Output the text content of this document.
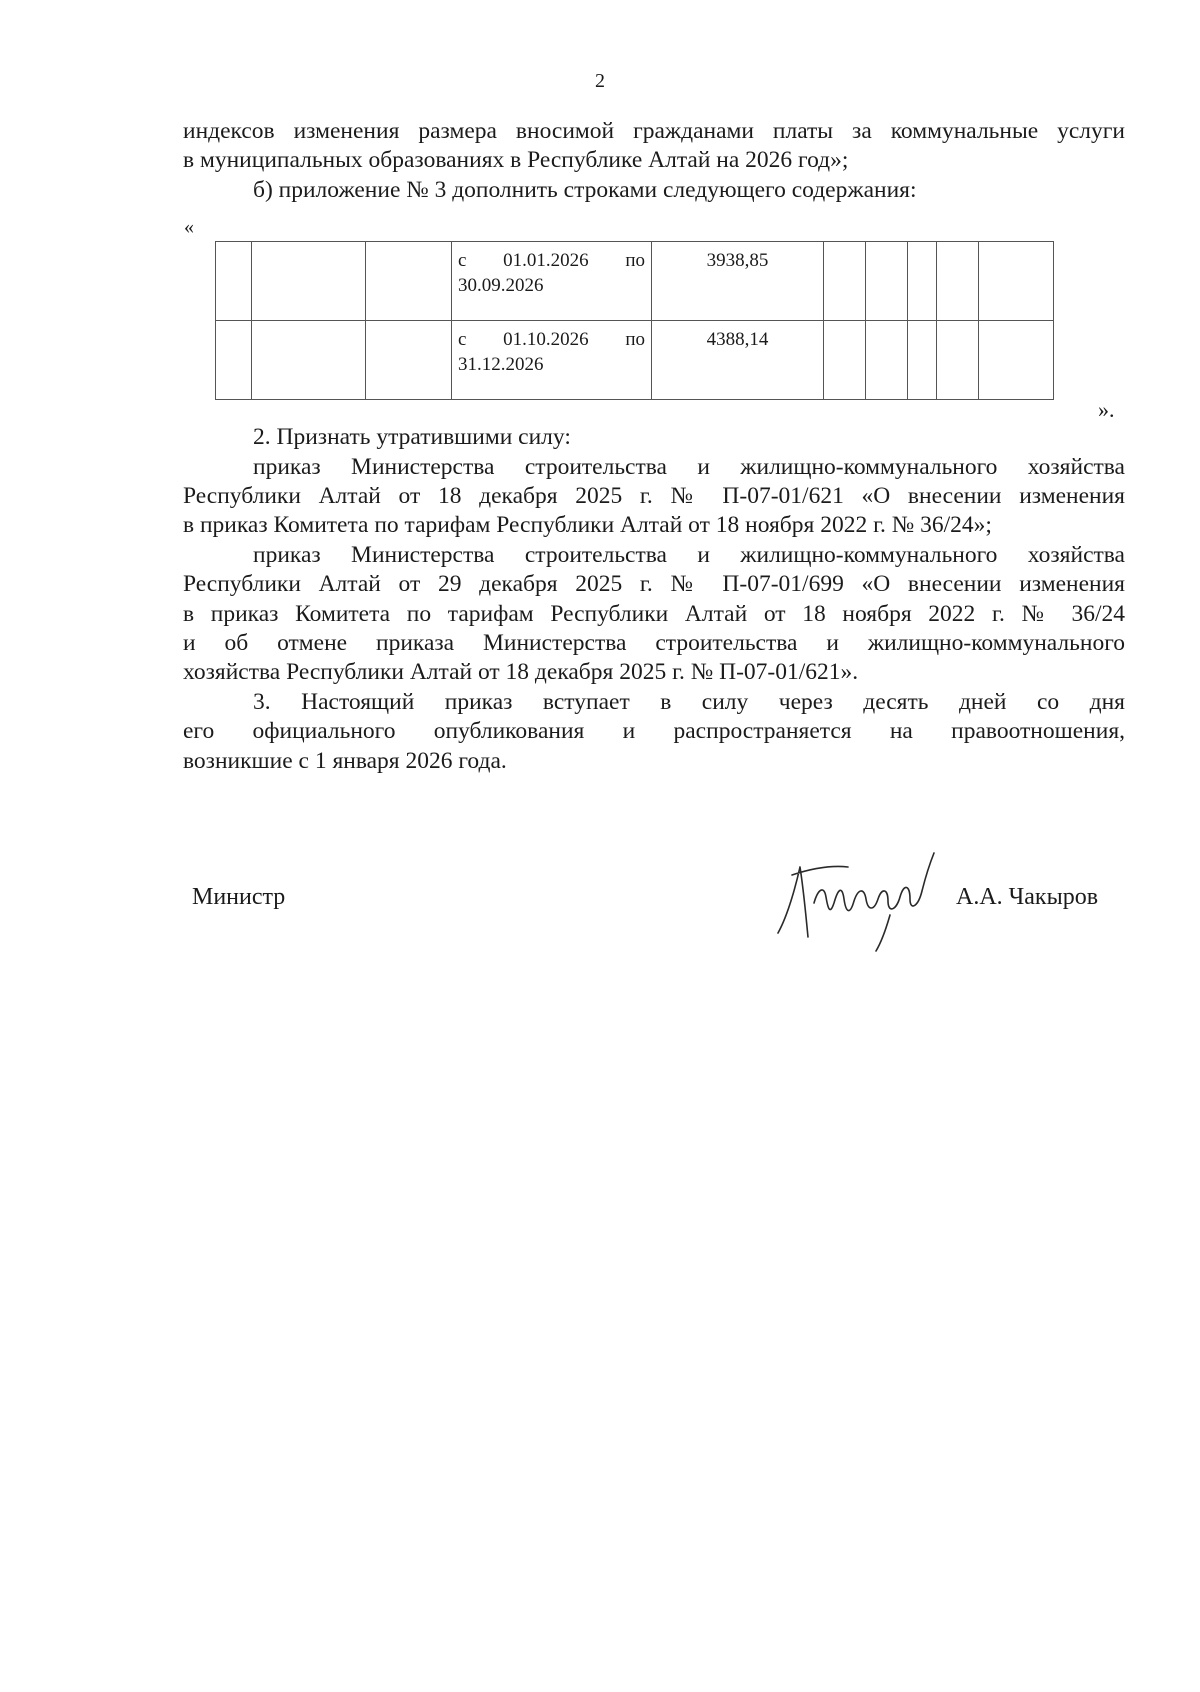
2
индексов изменения размера вносимой гражданами платы за коммунальные услуги
в муниципальных образованиях в Республике Алтай на 2026 год»;
б) приложение № 3 дополнить строками следующего содержания:
«

			с 01.01.2026 по
30.09.2026	3938,85					

			с 01.10.2026 по
31.12.2026	4388,14					
».
2. Признать утратившими силу:
приказ Министерства строительства и жилищно-коммунального хозяйства
Республики Алтай от 18 декабря 2025 г. № П-07-01/621 «О внесении изменения
в приказ Комитета по тарифам Республики Алтай от 18 ноября 2022 г. № 36/24»;
приказ Министерства строительства и жилищно-коммунального хозяйства
Республики Алтай от 29 декабря 2025 г. № П-07-01/699 «О внесении изменения
в приказ Комитета по тарифам Республики Алтай от 18 ноября 2022 г. № 36/24
и об отмене приказа Министерства строительства и жилищно-коммунального
хозяйства Республики Алтай от 18 декабря 2025 г. № П-07-01/621».
3. Настоящий приказ вступает в силу через десять дней со дня
его официального опубликования и распространяется на правоотношения,
возникшие с 1 января 2026 года.
Министр	А.А. Чакыров
